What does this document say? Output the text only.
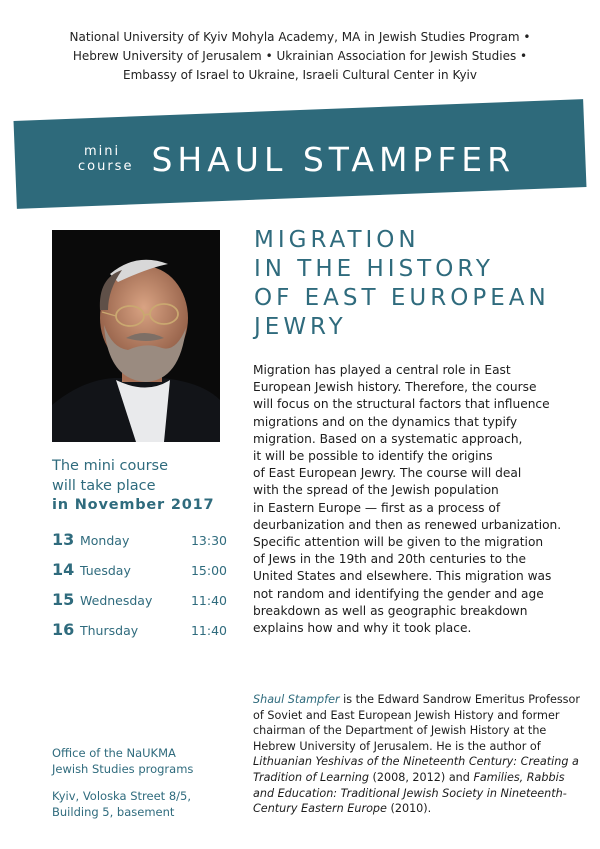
National University of Kyiv Mohyla Academy, MA in Jewish Studies Program •
Hebrew University of Jerusalem • Ukrainian Association for Jewish Studies •
Embassy of Israel to Ukraine, Israeli Cultural Center in Kyiv
mini
course SHAUL STAMPFER
MIGRATION
IN THE HISTORY
OF EAST EUROPEAN
JEWRY
Migration has played a central role in East
European Jewish history. Therefore, the course
will focus on the structural factors that influence
migrations and on the dynamics that typify
migration. Based on a systematic approach,
it will be possible to identify the origins
of East European Jewry. The course will deal
with the spread of the Jewish population
in Eastern Europe — first as a process of
deurbanization and then as renewed urbanization.
Specific attention will be given to the migration
of Jews in the 19th and 20th centuries to the
United States and elsewhere. This migration was
not random and identifying the gender and age
breakdown as well as geographic breakdown
explains how and why it took place.
The mini course
will take place
in November 2017
13 Monday	13:30
14 Tuesday	15:00
15 Wednesday	11:40
16 Thursday	11:40
Office of the NaUKMA
Jewish Studies programs
Kyiv, Voloska Street 8/5,
Building 5, basement
Shaul Stampfer is the Edward Sandrow Emeritus Professor of Soviet and East European Jewish History and former chairman of the Department of Jewish History at the Hebrew University of Jerusalem. He is the author of Lithuanian Yeshivas of the Nineteenth Century: Creating a Tradition of Learning (2008, 2012) and Families, Rabbis and Education: Traditional Jewish Society in Nineteenth-Century Eastern Europe (2010).
